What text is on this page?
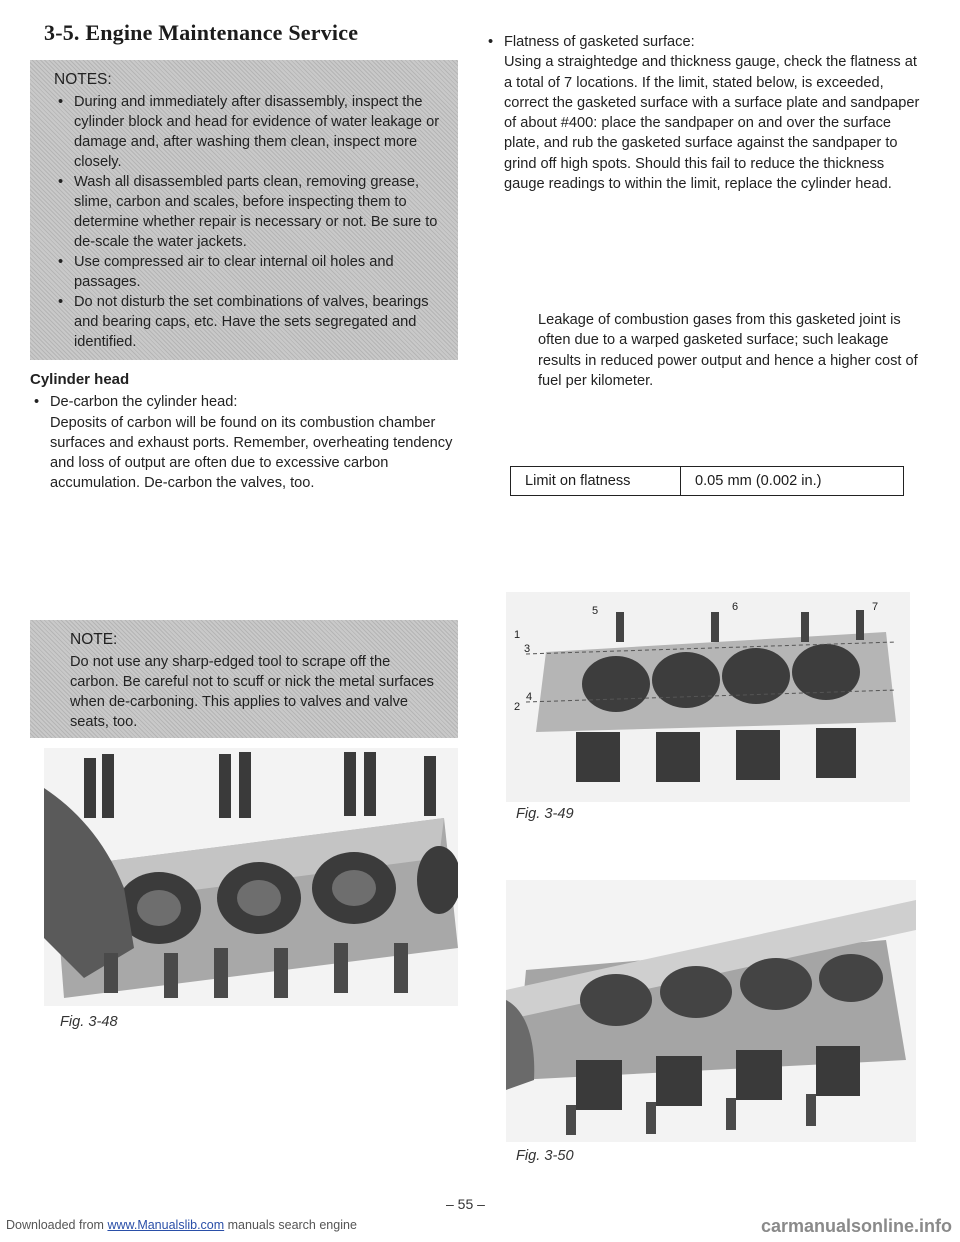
3-5. Engine Maintenance Service
NOTES:

• During and immediately after disassembly, inspect the cylinder block and head for evidence of water leakage or damage and, after washing them clean, inspect more closely.

• Wash all disassembled parts clean, removing grease, slime, carbon and scales, before inspecting them to determine whether repair is necessary or not. Be sure to de-scale the water jackets.

• Use compressed air to clear internal oil holes and passages.

• Do not disturb the set combinations of valves, bearings and bearing caps, etc. Have the sets segregated and identified.

Cylinder head

• De-carbon the cylinder head:

Deposits of carbon will be found on its combustion chamber surfaces and exhaust ports. Remember, overheating tendency and loss of output are often due to excessive carbon accumulation. De-carbon the valves, too.

NOTE:
Do not use any sharp-edged tool to scrape off the carbon. Be careful not to scuff or nick the metal surfaces when de-carboning. This applies to valves and valve seats, too.
Fig. 3-48

• Flatness of gasketed surface:

Using a straightedge and thickness gauge, check the flatness at a total of 7 locations. If the limit, stated below, is exceeded, correct the gasketed surface with a surface plate and sandpaper of about #400: place the sandpaper on and over the surface plate, and rub the gasketed surface against the sandpaper to grind off high spots. Should this fail to reduce the thickness gauge readings to within the limit, replace the cylinder head.

Leakage of combustion gases from this gasketed joint is often due to a warped gasketed surface; such leakage results in reduced power output and hence a higher cost of fuel per kilometer.
Limit on flatness	0.05 mm (0.002 in.)
1
2
3
4
5	6	7
Fig. 3-49
Fig. 3-50
– 55 –
Downloaded from www.Manualslib.com manuals search engine	carmanualsonline.info
